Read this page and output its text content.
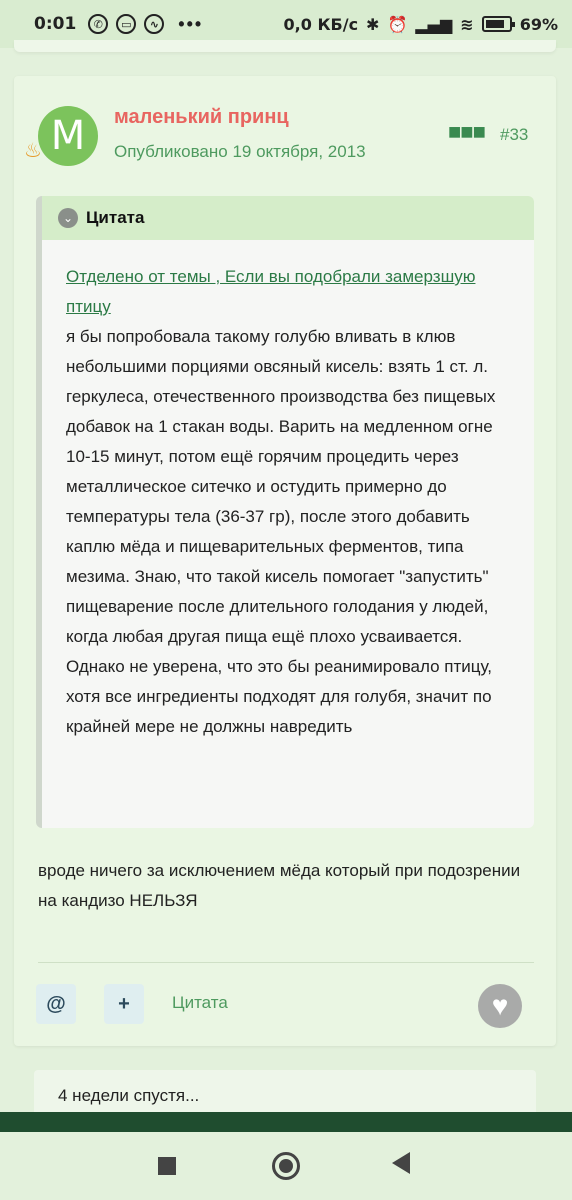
0:01	✆	▭	∿ •••	0,0 КБ/с ✱ ⏰ ▂▄▆ ≋	69%
M
♨
маленький принц
Опубликовано 19 октября, 2013
■■■ #33
⌄ Цитата
Отделено от темы , Если вы подобрали замерзшую птицу
я бы попробовала такому голубю вливать в клюв небольшими порциями овсяный кисель: взять 1 ст. л. геркулеса, отечественного производства без пищевых добавок на 1 стакан воды. Варить на медленном огне 10-15 минут, потом ещё горячим процедить через металлическое ситечко и остудить примерно до температуры тела (36-37 гр), после этого добавить каплю мёда и пищеварительных ферментов, типа мезима. Знаю, что такой кисель помогает "запустить" пищеварение после длительного голодания у людей, когда любая другая пища ещё плохо усваивается. Однако не уверена, что это бы реанимировало птицу, хотя все ингредиенты подходят для голубя, значит по крайней мере не должны навредить
вроде ничего за исключением мёда который при подозрении на кандизо НЕЛЬЗЯ
@	+	Цитата	♥
4 недели спустя...
